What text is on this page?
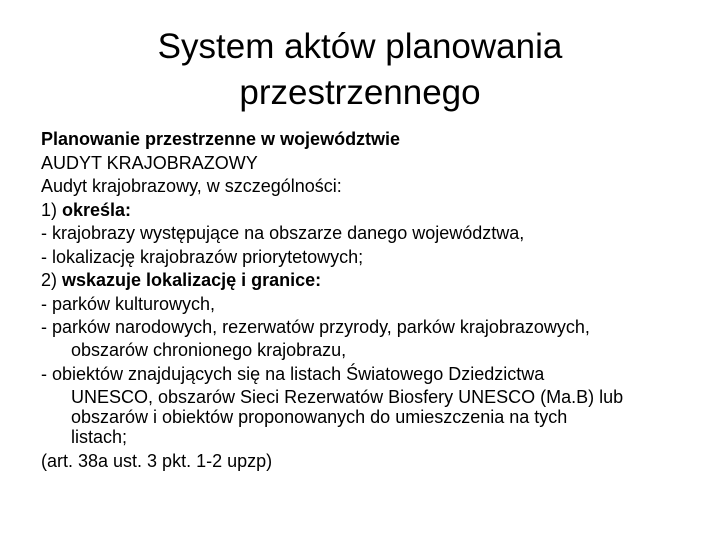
System aktów planowania
przestrzennego
Planowanie przestrzenne w województwie
AUDYT KRAJOBRAZOWY
Audyt krajobrazowy, w szczególności:
1) określa:
- krajobrazy występujące na obszarze danego województwa,
- lokalizację krajobrazów priorytetowych;
2) wskazuje lokalizację i granice:
- parków kulturowych,
- parków narodowych, rezerwatów przyrody, parków krajobrazowych,
obszarów chronionego krajobrazu,
- obiektów znajdujących się na listach Światowego Dziedzictwa
UNESCO, obszarów Sieci Rezerwatów Biosfery UNESCO (Ma.B) lub
obszarów i obiektów proponowanych do umieszczenia na tych
listach;
(art. 38a ust. 3 pkt. 1-2 upzp)
